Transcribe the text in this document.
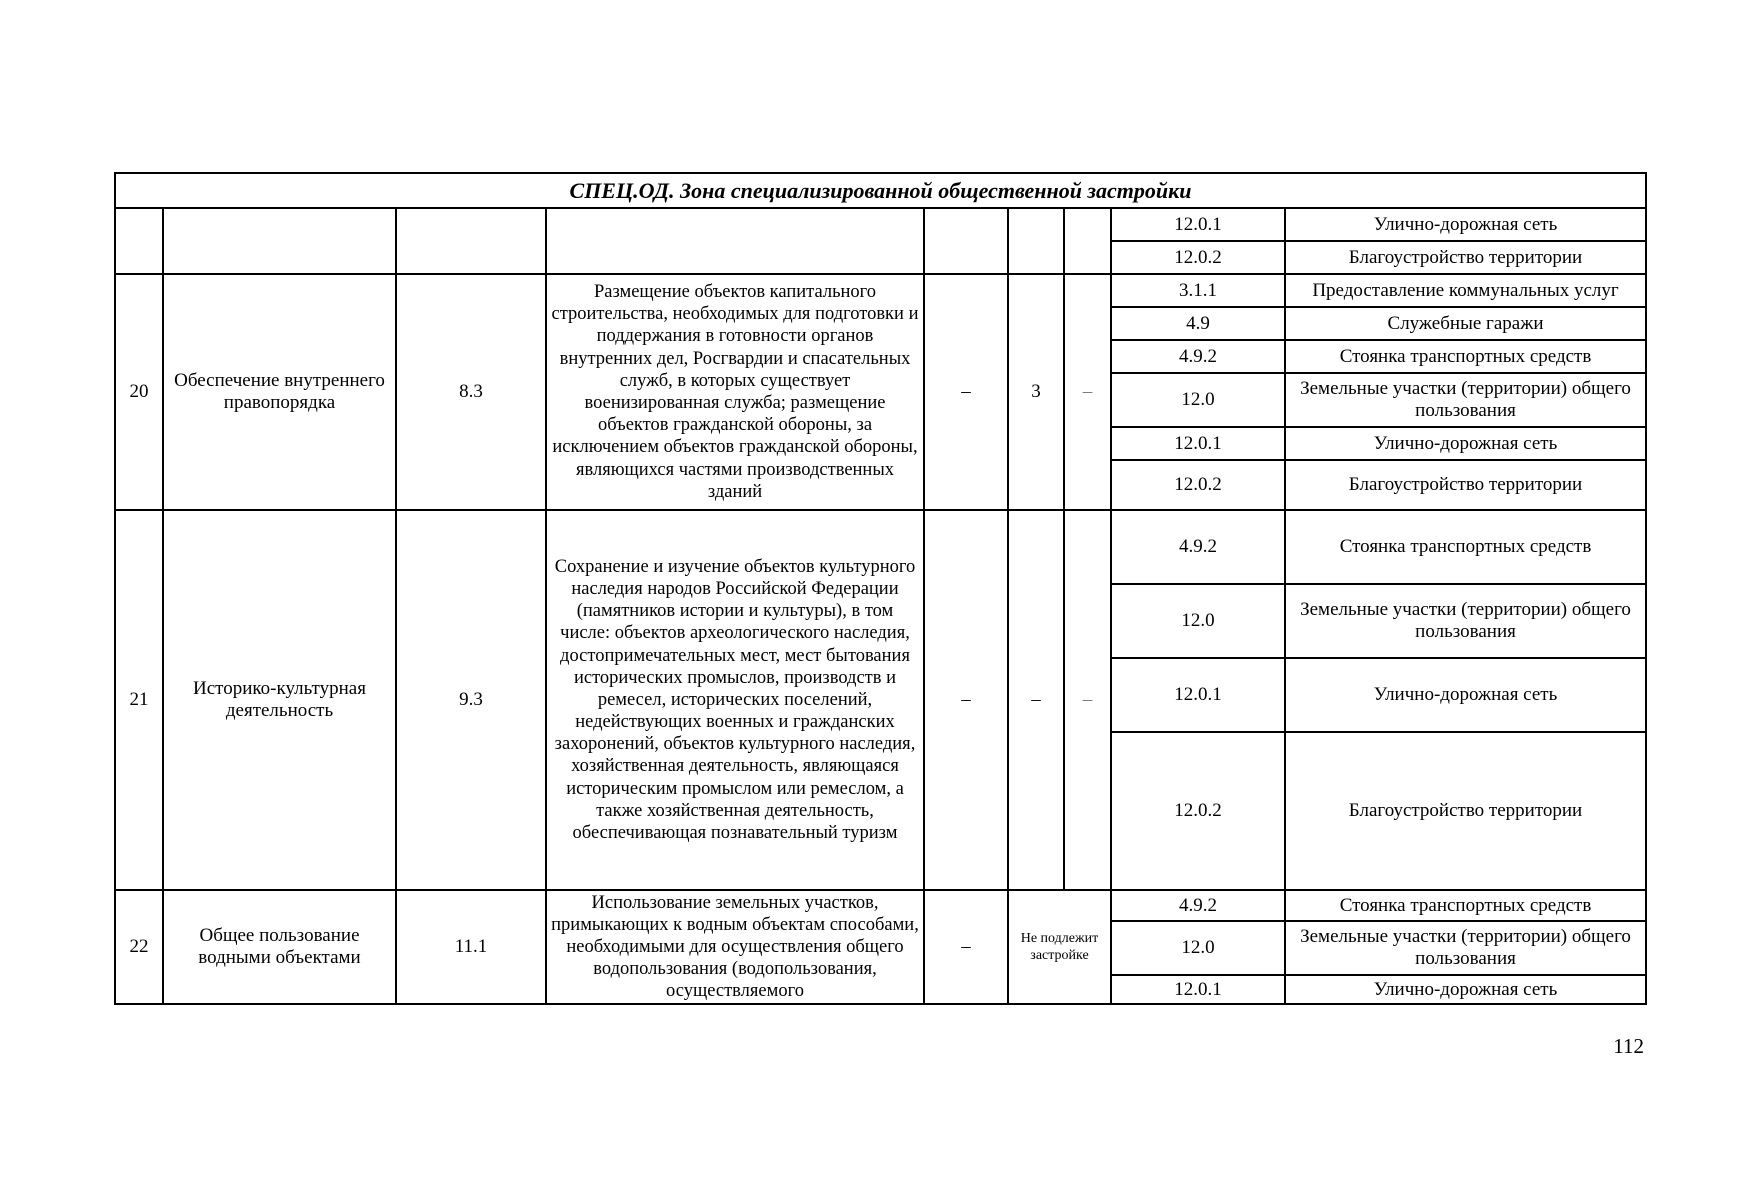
СПЕЦ.ОД. Зона специализированной общественной застройки								
							12.0.1	Улично-дорожная сеть
							12.0.2	Благоустройство территории
20	Обеспечение внутреннего правопорядка	8.3	Размещение объектов капитального строительства, необходимых для подготовки и поддержания в готовности органов внутренних дел, Росгвардии и спасательных служб, в которых существует военизированная служба; размещение объектов гражданской обороны, за исключением объектов гражданской обороны, являющихся частями производственных зданий	–	3	–	3.1.1	Предоставление коммунальных услуг
							4.9	Служебные гаражи
							4.9.2	Стоянка транспортных средств
							12.0	Земельные участки (территории) общего пользования
							12.0.1	Улично-дорожная сеть
							12.0.2	Благоустройство территории
21	Историко-культурная деятельность	9.3	Сохранение и изучение объектов культурного наследия народов Российской Федерации (памятников истории и культуры), в том числе: объектов археологического наследия, достопримечательных мест, мест бытования исторических промыслов, производств и ремесел, исторических поселений, недействующих военных и гражданских захоронений, объектов культурного наследия, хозяйственная деятельность, являющаяся историческим промыслом или ремеслом, а также хозяйственная деятельность, обеспечивающая познавательный туризм	–	–	–	4.9.2	Стоянка транспортных средств
							12.0	Земельные участки (территории) общего пользования
							12.0.1	Улично-дорожная сеть
							12.0.2	Благоустройство территории
22	Общее пользование водными объектами	11.1	Использование земельных участков, примыкающих к водным объектам способами, необходимыми для осуществления общего водопользования (водопользования, осуществляемого	–	Не подлежит застройке		4.9.2	Стоянка транспортных средств
							12.0	Земельные участки (территории) общего пользования
							12.0.1	Улично-дорожная сеть
112
